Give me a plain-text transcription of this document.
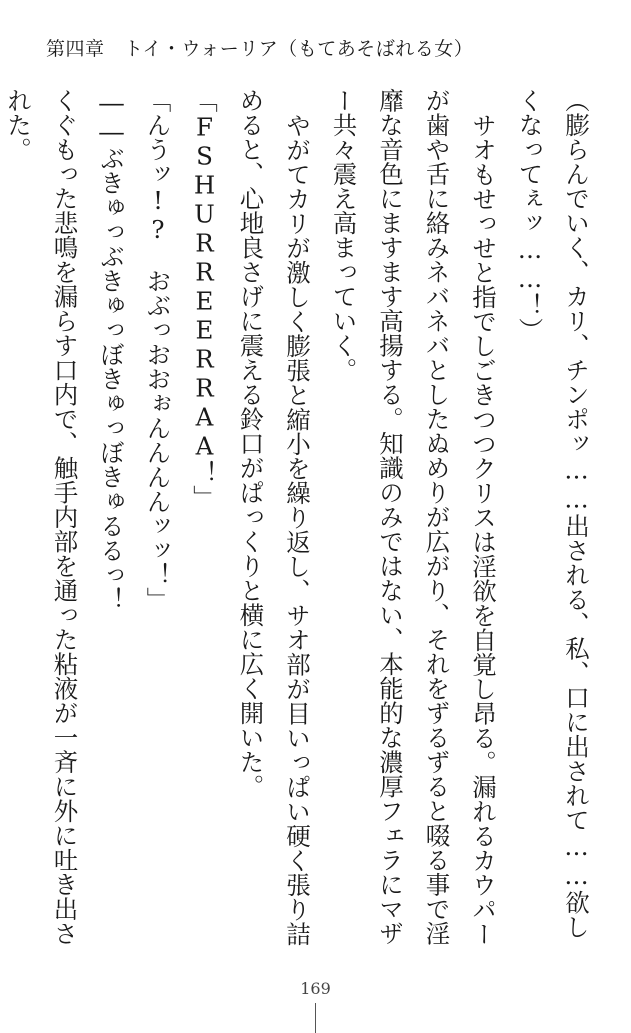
第四章　トイ・ウォーリア（もてあそばれる女）

（膨らんでいく、カリ、チンポッ……出される、私、口に出されて……欲しくなってぇッ……！）

サオもせっせと指でしごきつつクリスは淫欲を自覚し昂る。漏れるカウパーが歯や舌に絡みネバネバとしたぬめりが広がり、それをずるずると啜る事で淫靡な音色にますます高揚する。知識のみではない、本能的な濃厚フェラにマザー共々震え高まっていく。

やがてカリが激しく膨張と縮小を繰り返し、サオ部が目いっぱい硬く張り詰めると、心地良さげに震える鈴口がぱっくりと横に広く開いた。

「FSHURREERRAA！」

「んうッ!?　おぶっおおぉんんんんッッ！」

――ぶきゅっぶきゅっぼきゅっぼきゅるるっ！

くぐもった悲鳴を漏らす口内で、触手内部を通った粘液が一斉に外に吐き出された。

169
